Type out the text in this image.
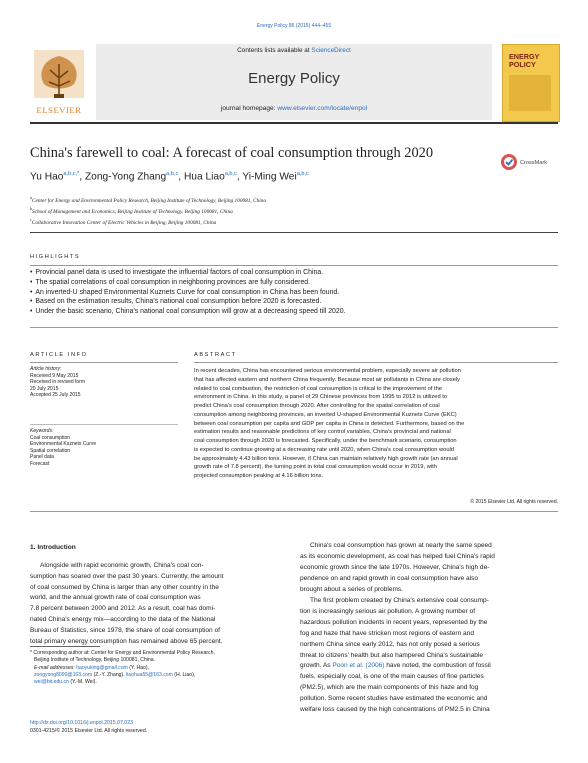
Energy Policy 86 (2015) 444–455
ELSEVIER
Contents lists available at ScienceDirect
Energy Policy
journal homepage: www.elsevier.com/locate/enpol
ENERGY
POLICY
China's farewell to coal: A forecast of coal consumption through 2020
CrossMark
Yu Hao$^{a,b,c,*}$, Zong-Yong Zhang$^{a,b,c}$, Hua Liao$^{a,b,c}$, Yi-Ming Wei$^{a,b,c}$
$^a$Center for Energy and Environmental Policy Research, Beijing Institute of Technology, Beijing 100081, China
$^b$School of Management and Economics, Beijing Institute of Technology, Beijing 100081, China
$^c$Collaborative Innovation Center of Electric Vehicles in Beijing, Beijing 100081, China
HIGHLIGHTS
• Provincial panel data is used to investigate the influential factors of coal consumption in China.
• The spatial correlations of coal consumption in neighboring provinces are fully considered.
• An inverted-U shaped Environmental Kuznets Curve for coal consumption in China has been found.
• Based on the estimation results, China's national coal consumption before 2020 is forecasted.
• Under the basic scenario, China's national coal consumption will grow at a decreasing speed till 2020.
ARTICLE INFO
Article history:
Received 9 May 2015
Received in revised form
20 July 2015
Accepted 25 July 2015
Keywords:
Coal consumption
Environmental Kuznets Curve
Spatial correlation
Panel data
Forecast
ABSTRACT
In recent decades, China has encountered serious environmental problem, especially severe air pollution
that has affected eastern and northern China frequently. Because most air pollutants in China are closely
related to coal combustion, the restriction of coal consumption is critical to the improvement of the
environment in China. In this study, a panel of 29 Chinese provinces from 1995 to 2012 is utilized to
predict China's coal consumption through 2020. After controlling for the spatial correlation of coal
consumption among neighboring provinces, an inverted U-shaped Environmental Kuznets Curve (EKC)
between coal consumption per capita and GDP per capita in China is detected. Furthermore, based on the
estimation results and reasonable predictions of key control variables, China's provincial and national
coal consumption through 2020 is forecasted. Specifically, under the benchmark scenario, consumption
is expected to continue growing at a decreasing rate until 2020, when China's coal consumption would
be approximately 4.43 billion tons. However, if China can maintain relatively high growth rate (an annual
growth rate of 7.8 percent), the turning point in total coal consumption would occur in 2019, with
projected consumption peaking at 4.16 billion tons.
© 2015 Elsevier Ltd. All rights reserved.
1. Introduction
Alongside with rapid economic growth, China's coal con-
sumption has soared over the past 30 years. Currently, the amount
of coal consumed by China is larger than any other country in the
world, and the annual growth rate of coal consumption was
7.8 percent between 2000 and 2012. As a result, coal has domi-
nated China's energy mix—according to the data of the National
Bureau of Statistics, since 1978, the share of coal consumption of
total primary energy consumption has remained above 65 percent.
* Corresponding author at: Center for Energy and Environmental Policy Research,
Beijing Institute of Technology, Beijing 100081, China.
E-mail addresses: haoyuking@gmail.com (Y. Hao),
zongyong8090@163.com (Z.-Y. Zhang), liaohua55@163.com (H. Liao),
wei@bit.edu.cn (Y.-M. Wei).
http://dx.doi.org/10.1016/j.enpol.2015.07.023
0301-4215/© 2015 Elsevier Ltd. All rights reserved.
China's coal consumption has grown at nearly the same speed
as its economic development, as coal has helped fuel China's rapid
economic growth since the late 1970s. However, China's high de-
pendence on and rapid growth in coal consumption have also
brought about a series of problems.
The first problem created by China's extensive coal consump-
tion is increasingly serious air pollution. A growing number of
hazardous pollution incidents in recent years, represented by the
fog and haze that have stricken most regions of eastern and
northern China since early 2012, has not only posed a serious
threat to citizens' health but also hampered China's sustainable
growth. As Poon et al. (2006) have noted, the combustion of fossil
fuels, especially coal, is one of the main causes of fine particles
(PM2.5), which are the main components of this haze and fog
pollution. Some recent studies have estimated the economic and
welfare loss caused by the high concentrations of PM2.5 in China
